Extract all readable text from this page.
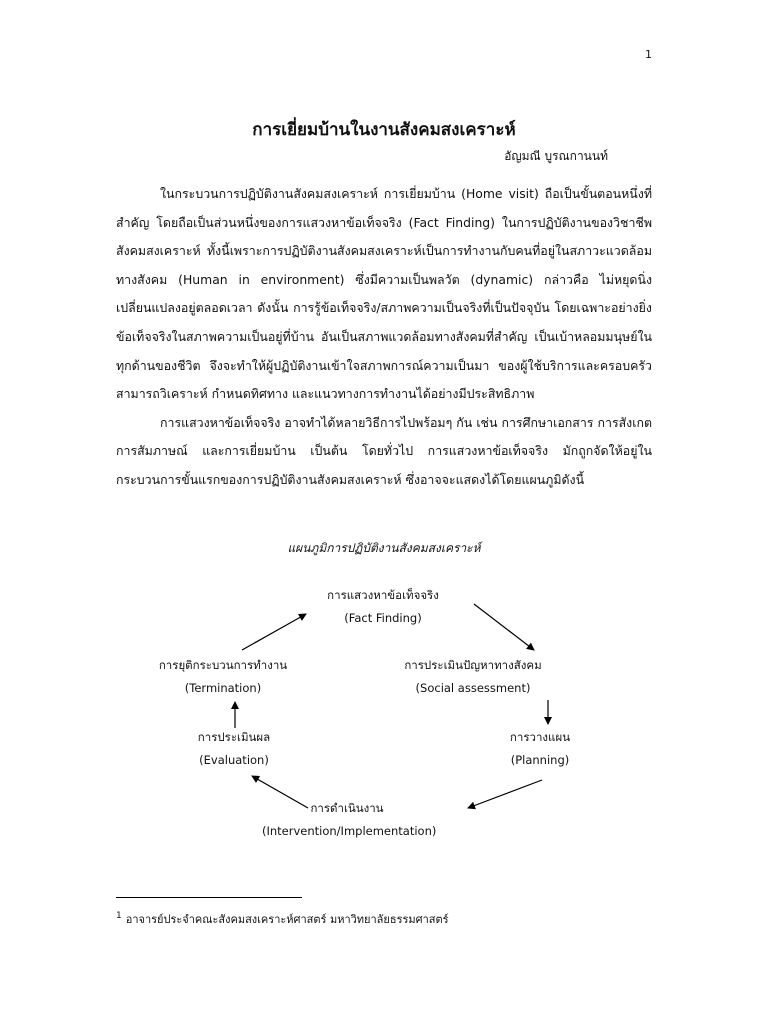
1
การเยี่ยมบ้านในงานสังคมสงเคราะห์
อัญมณี บูรณกานนท์

ในกระบวนการปฏิบัติงานสังคมสงเคราะห์ การเยี่ยมบ้าน (Home visit) ถือเป็นขั้นตอนหนึ่งที่สำคัญ โดยถือเป็นส่วนหนึ่งของการแสวงหาข้อเท็จจริง (Fact Finding) ในการปฏิบัติงานของวิชาชีพสังคมสงเคราะห์ ทั้งนี้เพราะการปฏิบัติงานสังคมสงเคราะห์เป็นการทำงานกับคนที่อยู่ในสภาวะแวดล้อมทางสังคม (Human in environment) ซึ่งมีความเป็นพลวัต (dynamic) กล่าวคือ ไม่หยุดนิ่ง เปลี่ยนแปลงอยู่ตลอดเวลา ดังนั้น การรู้ข้อเท็จจริง/สภาพความเป็นจริงที่เป็นปัจจุบัน โดยเฉพาะอย่างยิ่งข้อเท็จจริงในสภาพความเป็นอยู่ที่บ้าน อันเป็นสภาพแวดล้อมทางสังคมที่สำคัญ เป็นเบ้าหลอมมนุษย์ในทุกด้านของชีวิต จึงจะทำให้ผู้ปฏิบัติงานเข้าใจสภาพการณ์ความเป็นมา ของผู้ใช้บริการและครอบครัว สามารถวิเคราะห์ กำหนดทิศทาง และแนวทางการทำงานได้อย่างมีประสิทธิภาพ

การแสวงหาข้อเท็จจริง อาจทำได้หลายวิธีการไปพร้อมๆ กัน เช่น การศึกษาเอกสาร การสังเกต การสัมภาษณ์ และการเยี่ยมบ้าน เป็นต้น โดยทั่วไป การแสวงหาข้อเท็จจริง มักถูกจัดให้อยู่ในกระบวนการขั้นแรกของการปฏิบัติงานสังคมสงเคราะห์ ซึ่งอาจจะแสดงได้โดยแผนภูมิดังนี้

แผนภูมิการปฏิบัติงานสังคมสงเคราะห์
การแสวงหาข้อเท็จจริง
(Fact Finding)
การประเมินปัญหาทางสังคม
(Social assessment)
การวางแผน
(Planning)
การดำเนินงาน
(Intervention/Implementation)
การประเมินผล
(Evaluation)
การยุติกระบวนการทำงาน
(Termination)
$^1$ อาจารย์ประจำคณะสังคมสงเคราะห์ศาสตร์ มหาวิทยาลัยธรรมศาสตร์
